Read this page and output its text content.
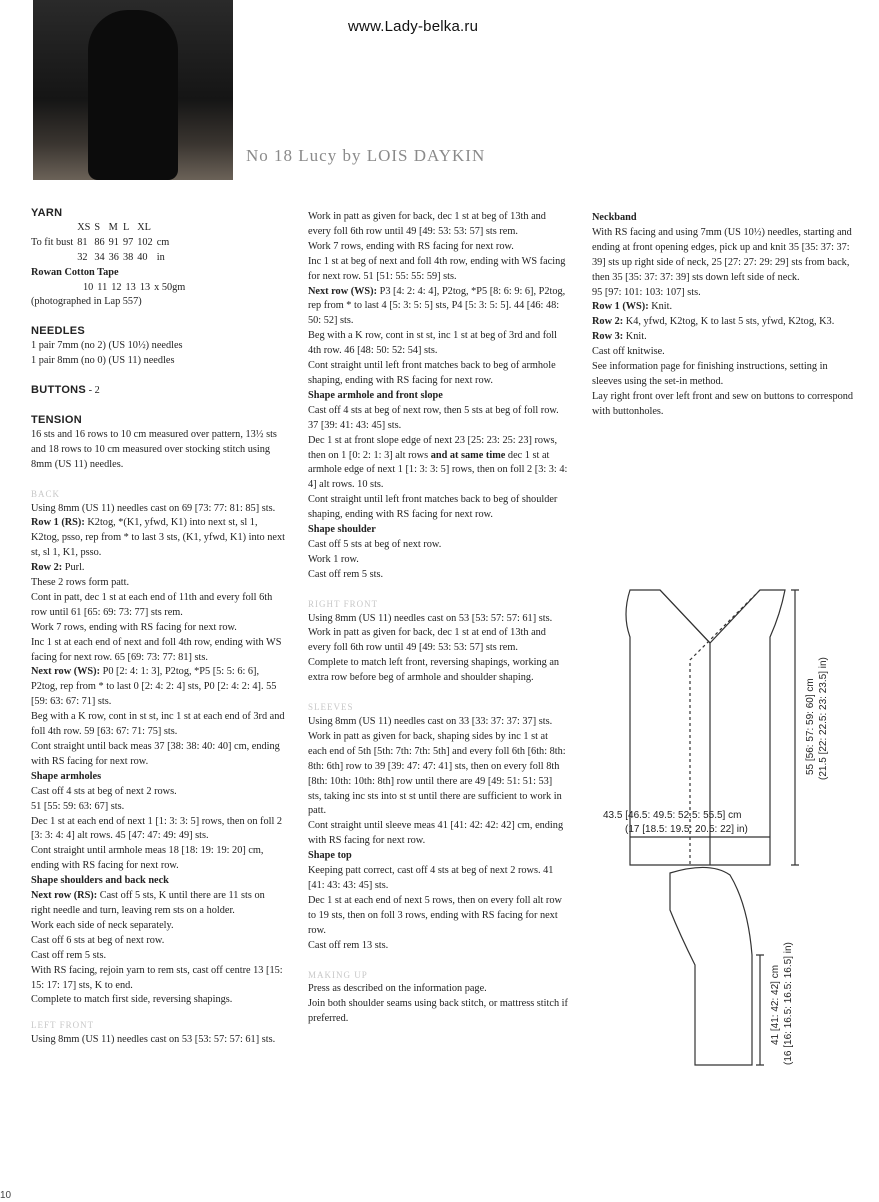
www.Lady-belka.ru
No 18 Lucy by LOIS DAYKIN

YARN

	XS	S	M	L	XL	
To fit bust	81	86	91	97	102	cm
	32	34	36	38	40	in

Rowan Cotton Tape

	10	11	12	13	13	x 50gm

(photographed in Lap 557)

NEEDLES

1 pair 7mm (no 2) (US 10½) needles

1 pair 8mm (no 0) (US 11) needles

BUTTONS - 2

TENSION

16 sts and 16 rows to 10 cm measured over pattern, 13½ sts and 18 rows to 10 cm measured over stocking stitch using 8mm (US 11) needles.

BACK

Using 8mm (US 11) needles cast on 69 [73: 77: 81: 85] sts.

Row 1 (RS): K2tog, *(K1, yfwd, K1) into next st, sl 1, K2tog, psso, rep from * to last 3 sts, (K1, yfwd, K1) into next st, sl 1, K1, psso.

Row 2: Purl.

These 2 rows form patt.

Cont in patt, dec 1 st at each end of 11th and every foll 6th row until 61 [65: 69: 73: 77] sts rem.

Work 7 rows, ending with RS facing for next row.

Inc 1 st at each end of next and foll 4th row, ending with WS facing for next row. 65 [69: 73: 77: 81] sts.

Next row (WS): P0 [2: 4: 1: 3], P2tog, *P5 [5: 5: 6: 6], P2tog, rep from * to last 0 [2: 4: 2: 4] sts, P0 [2: 4: 2: 4]. 55 [59: 63: 67: 71] sts.

Beg with a K row, cont in st st, inc 1 st at each end of 3rd and foll 4th row. 59 [63: 67: 71: 75] sts.

Cont straight until back meas 37 [38: 38: 40: 40] cm, ending with RS facing for next row.

Shape armholes

Cast off 4 sts at beg of next 2 rows.

51 [55: 59: 63: 67] sts.

Dec 1 st at each end of next 1 [1: 3: 3: 5] rows, then on foll 2 [3: 3: 4: 4] alt rows. 45 [47: 47: 49: 49] sts.

Cont straight until armhole meas 18 [18: 19: 19: 20] cm, ending with RS facing for next row.

Shape shoulders and back neck

Next row (RS): Cast off 5 sts, K until there are 11 sts on right needle and turn, leaving rem sts on a holder.

Work each side of neck separately.

Cast off 6 sts at beg of next row.

Cast off rem 5 sts.

With RS facing, rejoin yarn to rem sts, cast off centre 13 [15: 15: 17: 17] sts, K to end.

Complete to match first side, reversing shapings.

LEFT FRONT

Using 8mm (US 11) needles cast on 53 [53: 57: 57: 61] sts.

Work in patt as given for back, dec 1 st at beg of 13th and every foll 6th row until 49 [49: 53: 53: 57] sts rem.

Work 7 rows, ending with RS facing for next row.

Inc 1 st at beg of next and foll 4th row, ending with WS facing for next row. 51 [51: 55: 55: 59] sts.

Next row (WS): P3 [4: 2: 4: 4], P2tog, *P5 [8: 6: 9: 6], P2tog, rep from * to last 4 [5: 3: 5: 5] sts, P4 [5: 3: 5: 5]. 44 [46: 48: 50: 52] sts.

Beg with a K row, cont in st st, inc 1 st at beg of 3rd and foll 4th row. 46 [48: 50: 52: 54] sts.

Cont straight until left front matches back to beg of armhole shaping, ending with RS facing for next row.

Shape armhole and front slope

Cast off 4 sts at beg of next row, then 5 sts at beg of foll row. 37 [39: 41: 43: 45] sts.

Dec 1 st at front slope edge of next 23 [25: 23: 25: 23] rows, then on 1 [0: 2: 1: 3] alt rows and at same time dec 1 st at armhole edge of next 1 [1: 3: 3: 5] rows, then on foll 2 [3: 3: 4: 4] alt rows. 10 sts.

Cont straight until left front matches back to beg of shoulder shaping, ending with RS facing for next row.

Shape shoulder

Cast off 5 sts at beg of next row.

Work 1 row.

Cast off rem 5 sts.

RIGHT FRONT

Using 8mm (US 11) needles cast on 53 [53: 57: 57: 61] sts.

Work in patt as given for back, dec 1 st at end of 13th and every foll 6th row until 49 [49: 53: 53: 57] sts rem.

Complete to match left front, reversing shapings, working an extra row before beg of armhole and shoulder shaping.

SLEEVES

Using 8mm (US 11) needles cast on 33 [33: 37: 37: 37] sts.

Work in patt as given for back, shaping sides by inc 1 st at each end of 5th [5th: 7th: 7th: 5th] and every foll 6th [6th: 8th: 8th: 6th] row to 39 [39: 47: 47: 41] sts, then on every foll 8th [8th: 10th: 10th: 8th] row until there are 49 [49: 51: 51: 53] sts, taking inc sts into st st until there are sufficient to work in patt.

Cont straight until sleeve meas 41 [41: 42: 42: 42] cm, ending with RS facing for next row.

Shape top

Keeping patt correct, cast off 4 sts at beg of next 2 rows. 41 [41: 43: 43: 45] sts.

Dec 1 st at each end of next 5 rows, then on every foll alt row to 19 sts, then on foll 3 rows, ending with RS facing for next row.

Cast off rem 13 sts.

MAKING UP

Press as described on the information page.

Join both shoulder seams using back stitch, or mattress stitch if preferred.

Neckband

With RS facing and using 7mm (US 10½) needles, starting and ending at front opening edges, pick up and knit 35 [35: 37: 37: 39] sts up right side of neck, 25 [27: 27: 29: 29] sts from back, then 35 [35: 37: 37: 39] sts down left side of neck.

95 [97: 101: 103: 107] sts.

Row 1 (WS): Knit.

Row 2: K4, yfwd, K2tog, K to last 5 sts, yfwd, K2tog, K3.

Row 3: Knit.

Cast off knitwise.

See information page for finishing instructions, setting in sleeves using the set-in method.

Lay right front over left front and sew on buttons to correspond with buttonholes.

43.5 [46.5: 49.5: 52.5: 55.5] cm
(17 [18.5: 19.5: 20.5: 22] in)
55 [56: 57: 59: 60] cm (21.5 [22: 22.5: 23: 23.5] in)
41 [41: 42: 42] cm (16 [16: 16.5: 16.5: 16.5] in)
10
